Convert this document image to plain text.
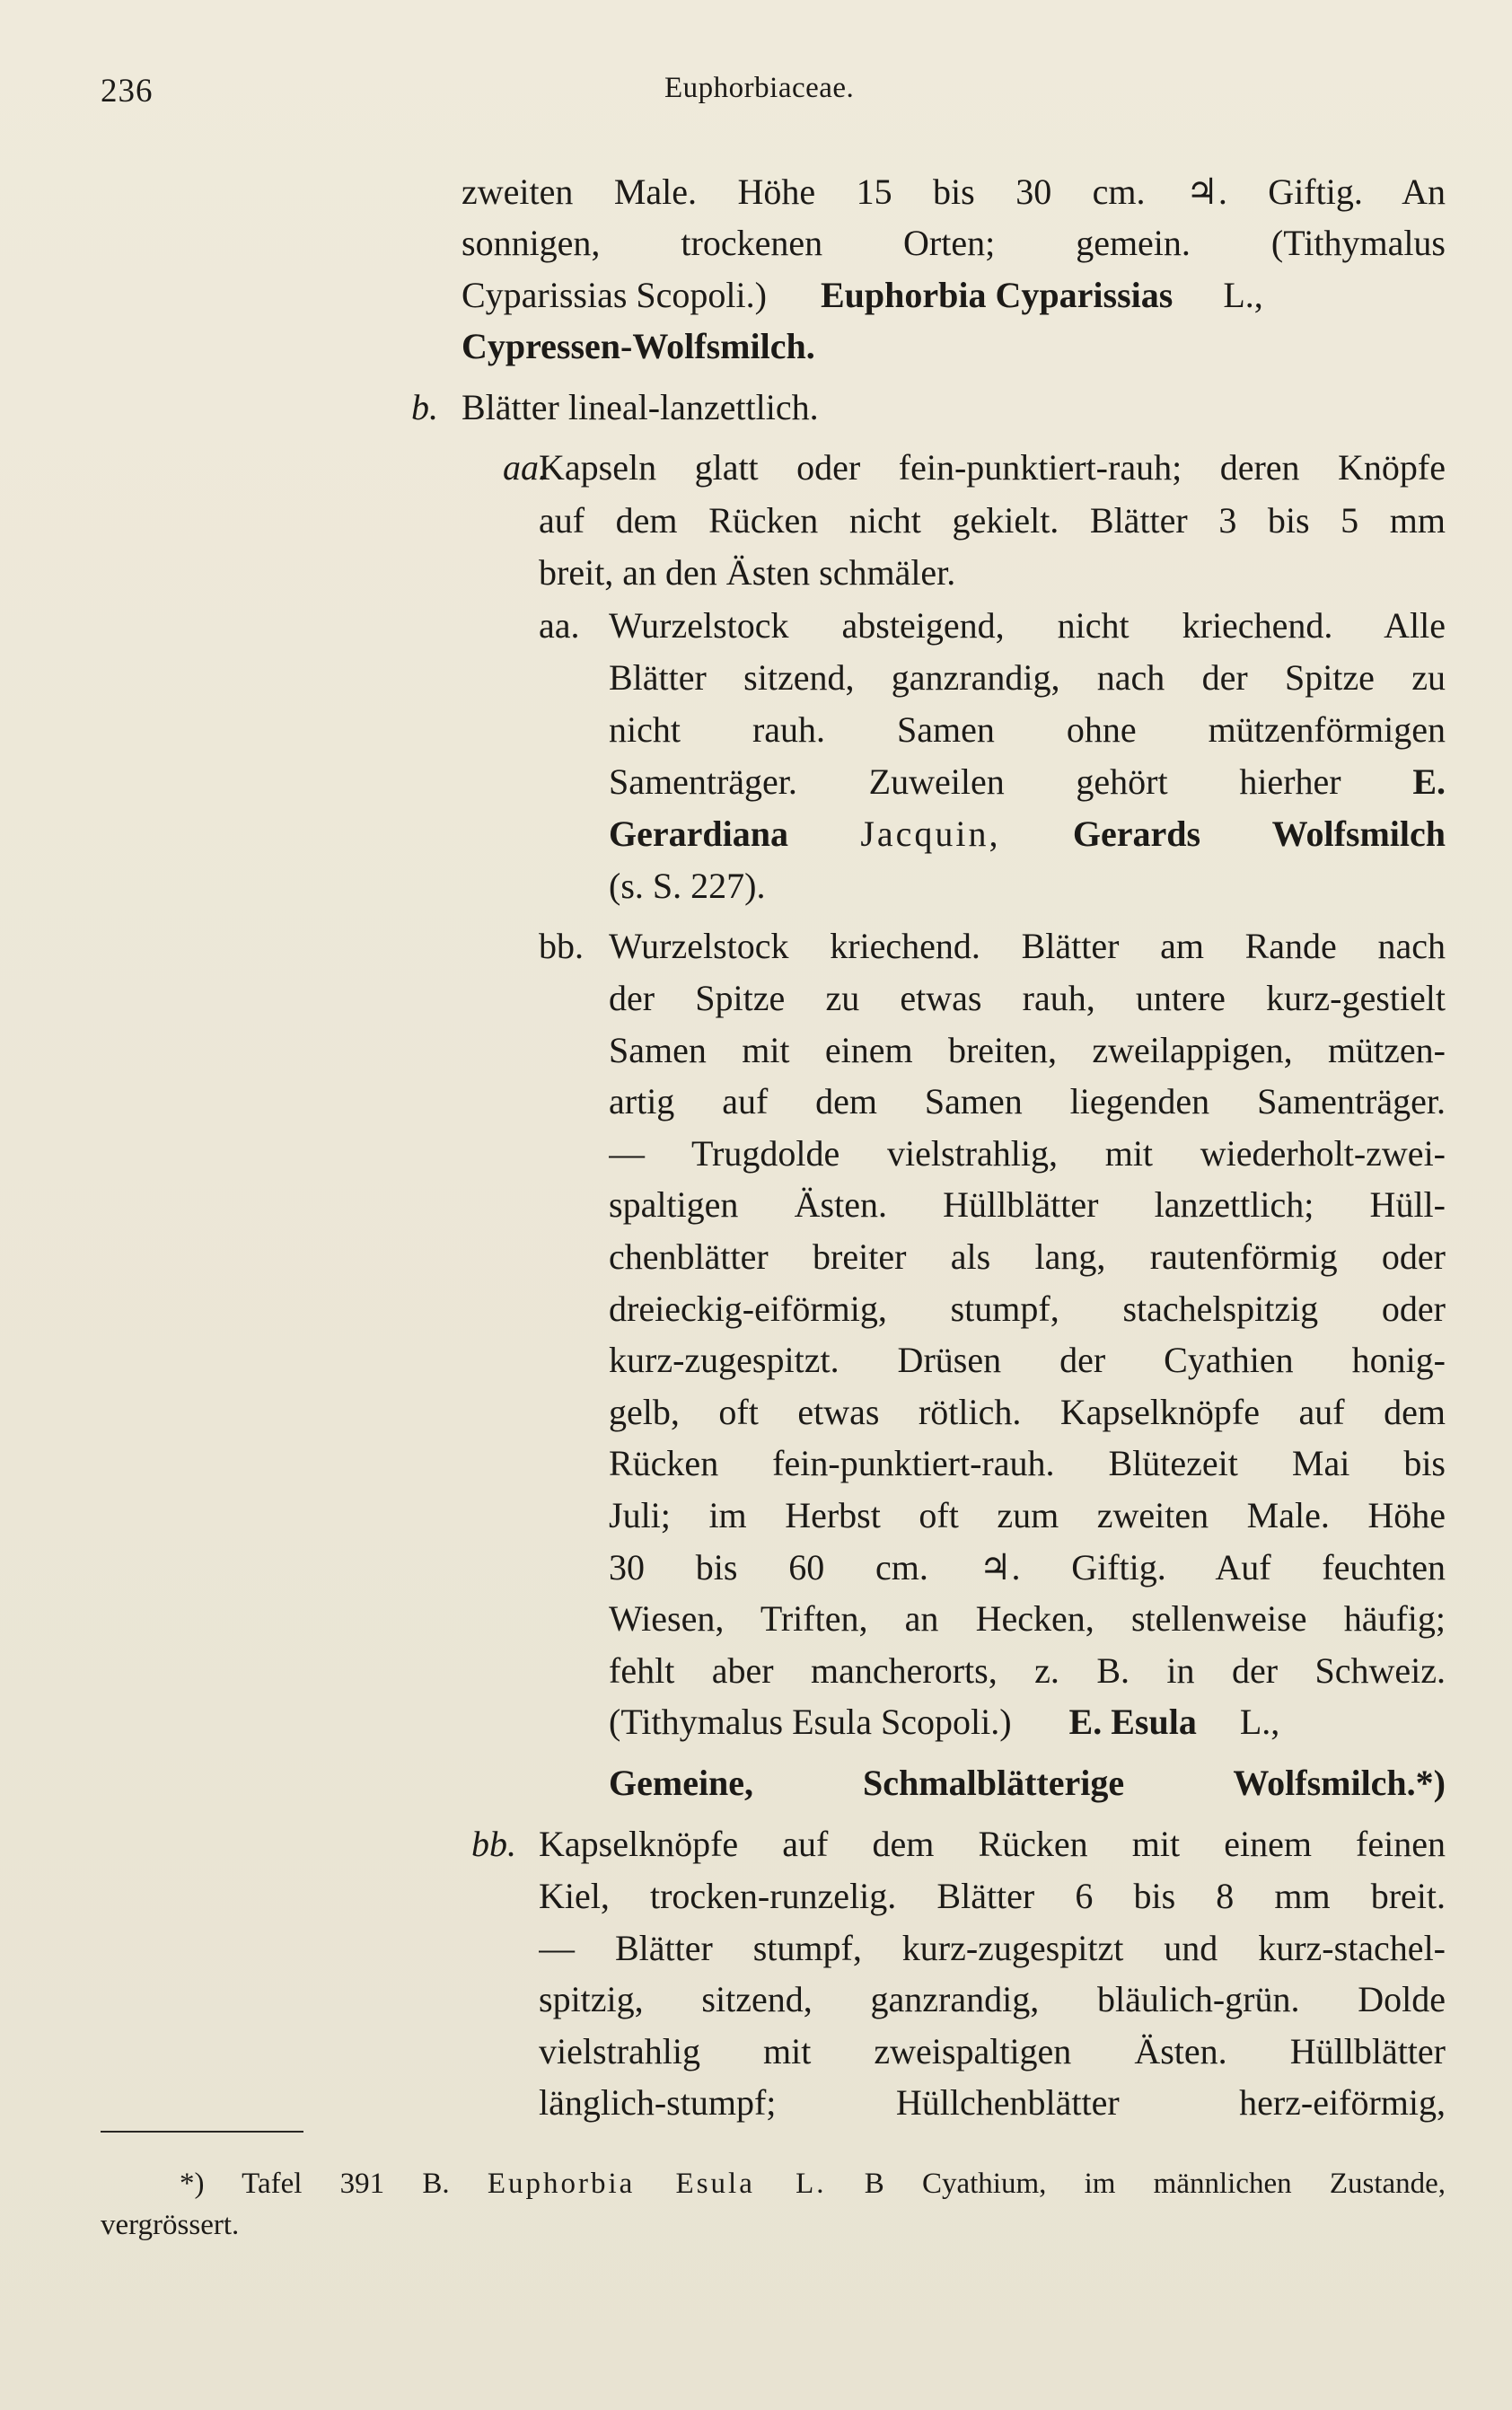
236	Euphorbiaceae.
zweiten Male. Höhe 15 bis 30 cm. ♃. Giftig. An
sonnigen, trockenen Orten; gemein. (Tithymalus
Cyparissias Scopoli.) Euphorbia Cyparissias L.,
Cypressen-Wolfsmilch.
b. Blätter lineal-lanzettlich.
aa.
Kapseln glatt oder fein-punktiert-rauh; deren Knöpfe
auf dem Rücken nicht gekielt. Blätter 3 bis 5 mm
breit, an den Ästen schmäler.
aa. Wurzelstock absteigend, nicht kriechend. Alle
Blätter sitzend, ganzrandig, nach der Spitze zu
nicht rauh. Samen ohne mützenförmigen
Samenträger. Zuweilen gehört hierher E.
Gerardiana Jacquin, Gerards Wolfsmilch
(s. S. 227).
bb. Wurzelstock kriechend. Blätter am Rande nach
der Spitze zu etwas rauh, untere kurz-gestielt
Samen mit einem breiten, zweilappigen, mützen-
artig auf dem Samen liegenden Samenträger.
— Trugdolde vielstrahlig, mit wiederholt-zwei-
spaltigen Ästen. Hüllblätter lanzettlich; Hüll-
chenblätter breiter als lang, rautenförmig oder
dreieckig-eiförmig, stumpf, stachelspitzig oder
kurz-zugespitzt. Drüsen der Cyathien honig-
gelb, oft etwas rötlich. Kapselknöpfe auf dem
Rücken fein-punktiert-rauh. Blütezeit Mai bis
Juli; im Herbst oft zum zweiten Male. Höhe
30 bis 60 cm. ♃. Giftig. Auf feuchten
Wiesen, Triften, an Hecken, stellenweise häufig;
fehlt aber mancherorts, z. B. in der Schweiz.
(Tithymalus Esula Scopoli.) E. Esula L.,
Gemeine, Schmalblätterige Wolfsmilch.*)
bb. Kapselknöpfe auf dem Rücken mit einem feinen
Kiel, trocken-runzelig. Blätter 6 bis 8 mm breit.
— Blätter stumpf, kurz-zugespitzt und kurz-stachel-
spitzig, sitzend, ganzrandig, bläulich-grün. Dolde
vielstrahlig mit zweispaltigen Ästen. Hüllblätter
länglich-stumpf; Hüllchenblätter herz-eiförmig,
*) Tafel 391 B. Euphorbia Esula L. B Cyathium, im männlichen Zustande,
vergrössert.
